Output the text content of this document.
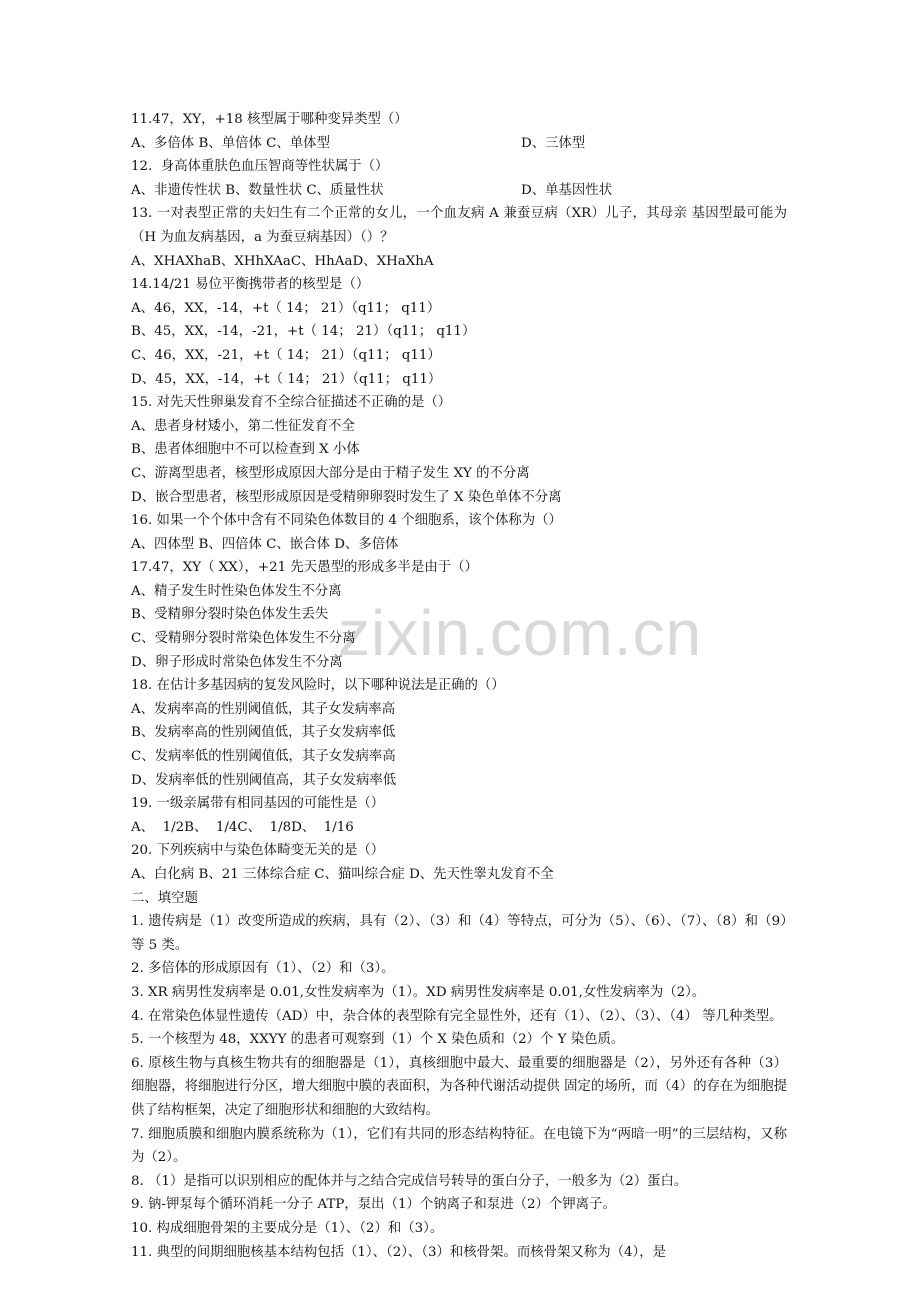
zixin.com.cn
11.47，XY，+18 核型属于哪种变异类型（）
A、多倍体 B、单倍体 C、单体型	D、三体型
12.  身高体重肤色血压智商等性状属于（）
A、非遗传性状 B、数量性状 C、质量性状	D、单基因性状
13. 一对表型正常的夫妇生有二个正常的女儿，一个血友病 A 兼蚕豆病（XR）儿子，其母亲 基因型最可能为（H 为血友病基因，a 为蚕豆病基因）（）？
A、XHAXhaB、XHhXAaC、HhAaD、XHaXhA
14.14/21 易位平衡携带者的核型是（）
A、46，XX，-14，+t（ 14； 21）（q11； q11）
B、45，XX，-14，-21，+t（ 14； 21）（q11； q11）
C、46，XX，-21，+t（ 14； 21）（q11； q11）
D、45，XX，-14，+t（ 14； 21）（q11； q11）
15. 对先天性卵巢发育不全综合征描述不正确的是（）
A、患者身材矮小，第二性征发育不全
B、患者体细胞中不可以检查到 X 小体
C、游离型患者，核型形成原因大部分是由于精子发生 XY 的不分离
D、嵌合型患者，核型形成原因是受精卵卵裂时发生了 X 染色单体不分离
16. 如果一个个体中含有不同染色体数目的 4 个细胞系，该个体称为（）
A、四体型 B、四倍体 C、嵌合体 D、多倍体
17.47，XY（ XX），+21 先天愚型的形成多半是由于（）
A、精子发生时性染色体发生不分离
B、受精卵分裂时染色体发生丢失
C、受精卵分裂时常染色体发生不分离
D、卵子形成时常染色体发生不分离
18. 在估计多基因病的复发风险时，以下哪种说法是正确的（）
A、发病率高的性别阈值低，其子女发病率高
B、发病率高的性别阈值低，其子女发病率低
C、发病率低的性别阈值低，其子女发病率高
D、发病率低的性别阈值高，其子女发病率低
19. 一级亲属带有相同基因的可能性是（）
A、  1/2B、  1/4C、  1/8D、  1/16
20. 下列疾病中与染色体畸变无关的是（）
A、白化病 B、21 三体综合症 C、猫叫综合症 D、先天性睾丸发育不全
二、填空题
1. 遗传病是（1）改变所造成的疾病，具有（2）、（3）和（4）等特点，可分为（5）、（6）、（7）、（8）和（9）等 5 类。
2. 多倍体的形成原因有（1）、（2）和（3）。
3. XR 病男性发病率是 0.01,女性发病率为（1）。XD 病男性发病率是 0.01,女性发病率为（2）。
4. 在常染色体显性遗传（AD）中，杂合体的表型除有完全显性外，还有（1）、（2）、（3）、（4） 等几种类型。
5. 一个核型为 48，XXYY 的患者可观察到（1）个 X 染色质和（2）个 Y 染色质。
6. 原核生物与真核生物共有的细胞器是（1），真核细胞中最大、最重要的细胞器是（2），另外还有各种（3）细胞器，将细胞进行分区，增大细胞中膜的表面积，为各种代谢活动提供 固定的场所，而（4）的存在为细胞提供了结构框架，决定了细胞形状和细胞的大致结构。
7. 细胞质膜和细胞内膜系统称为（1），它们有共同的形态结构特征。在电镜下为“两暗一明”的三层结构，又称为（2）。
8. （1）是指可以识别相应的配体并与之结合完成信号转导的蛋白分子，一般多为（2）蛋白。
9. 钠-钾泵每个循环消耗一分子 ATP，泵出（1）个钠离子和泵进（2）个钾离子。
10. 构成细胞骨架的主要成分是（1）、（2）和（3）。
11. 典型的间期细胞核基本结构包括（1）、（2）、（3）和核骨架。而核骨架又称为（4），是
